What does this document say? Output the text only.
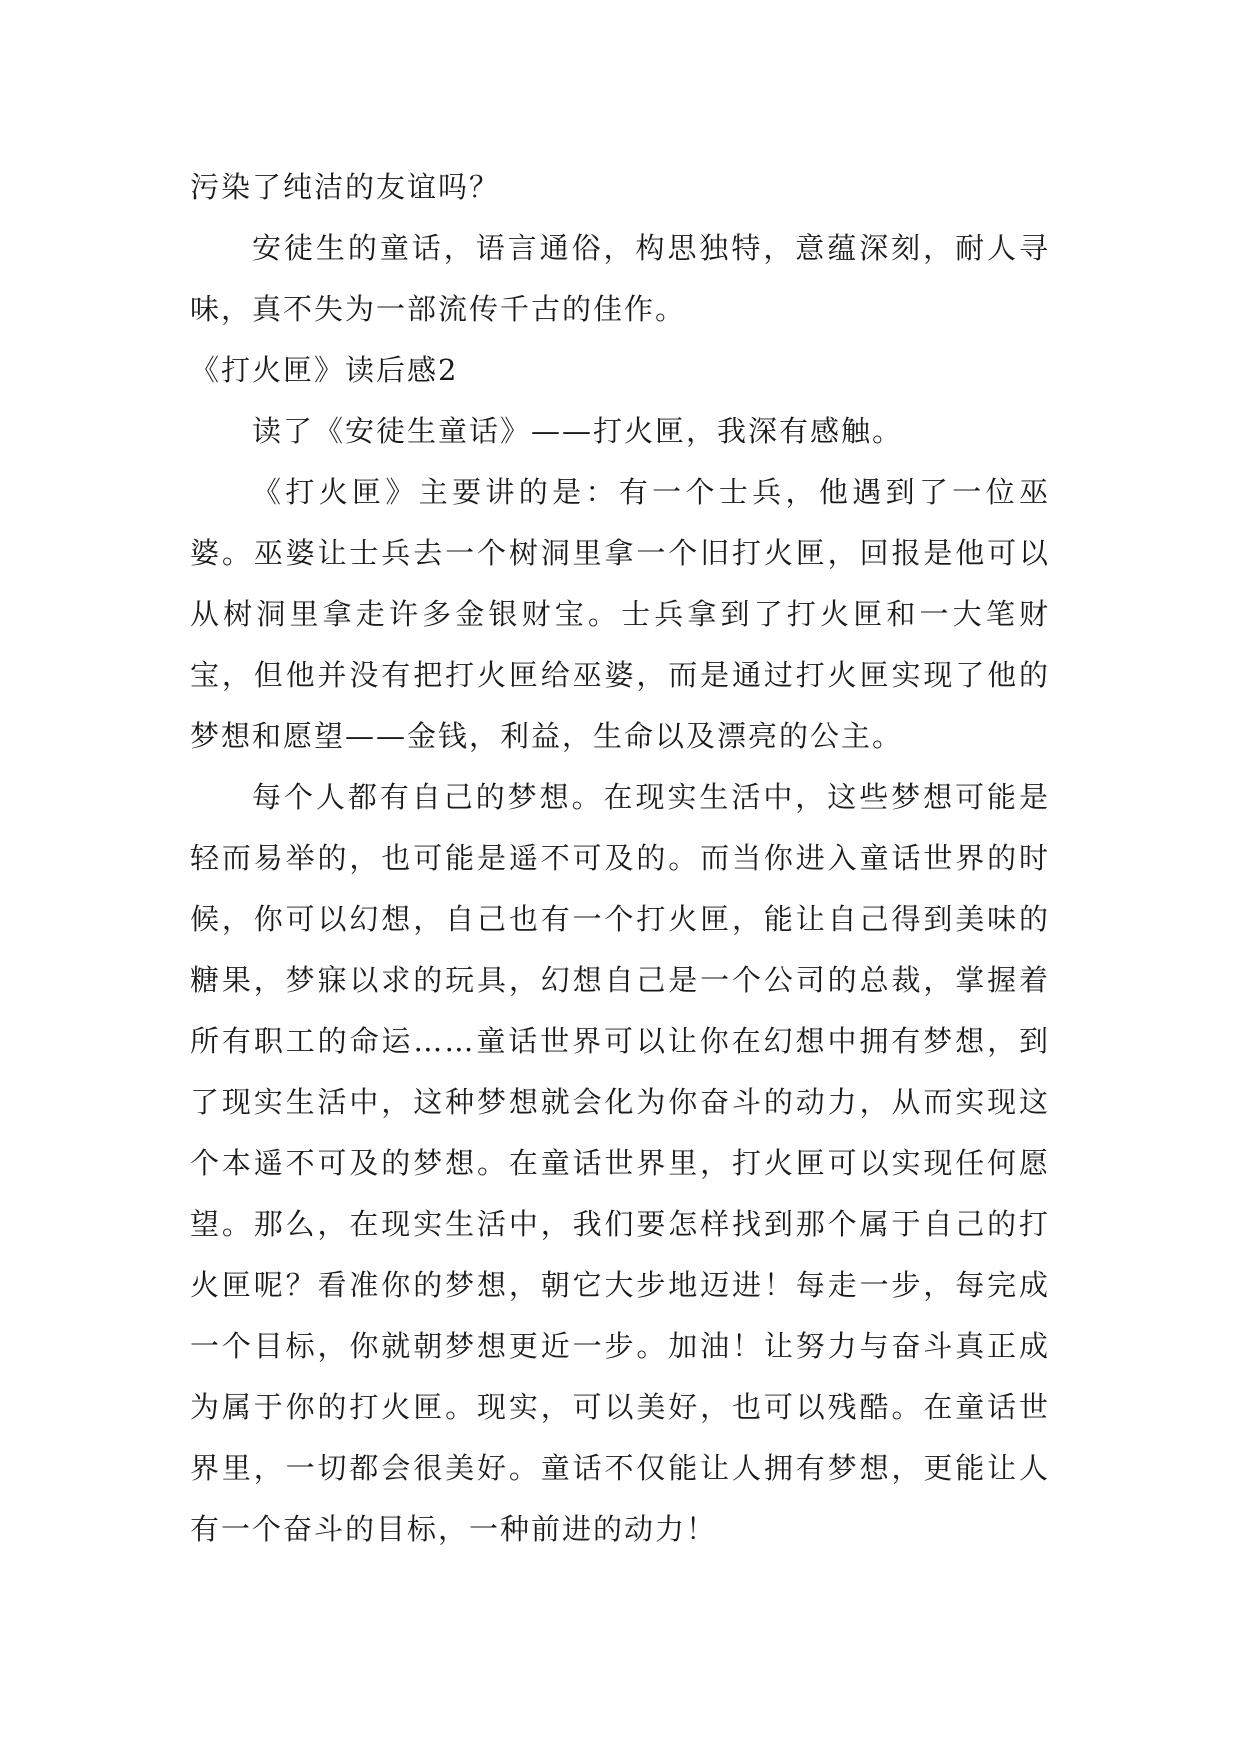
污染了纯洁的友谊吗？

安徒生的童话，语言通俗，构思独特，意蕴深刻，耐人寻味，真不失为一部流传千古的佳作。

《打火匣》读后感2

读了《安徒生童话》——打火匣，我深有感触。

《打火匣》主要讲的是：有一个士兵，他遇到了一位巫婆。巫婆让士兵去一个树洞里拿一个旧打火匣，回报是他可以从树洞里拿走许多金银财宝。士兵拿到了打火匣和一大笔财宝，但他并没有把打火匣给巫婆，而是通过打火匣实现了他的梦想和愿望——金钱，利益，生命以及漂亮的公主。

每个人都有自己的梦想。在现实生活中，这些梦想可能是轻而易举的，也可能是遥不可及的。而当你进入童话世界的时候，你可以幻想，自己也有一个打火匣，能让自己得到美味的糖果，梦寐以求的玩具，幻想自己是一个公司的总裁，掌握着所有职工的命运……童话世界可以让你在幻想中拥有梦想，到了现实生活中，这种梦想就会化为你奋斗的动力，从而实现这个本遥不可及的梦想。在童话世界里，打火匣可以实现任何愿望。那么，在现实生活中，我们要怎样找到那个属于自己的打火匣呢？看准你的梦想，朝它大步地迈进！每走一步，每完成一个目标，你就朝梦想更近一步。加油！让努力与奋斗真正成为属于你的打火匣。现实，可以美好，也可以残酷。在童话世界里，一切都会很美好。童话不仅能让人拥有梦想，更能让人有一个奋斗的目标，一种前进的动力！
